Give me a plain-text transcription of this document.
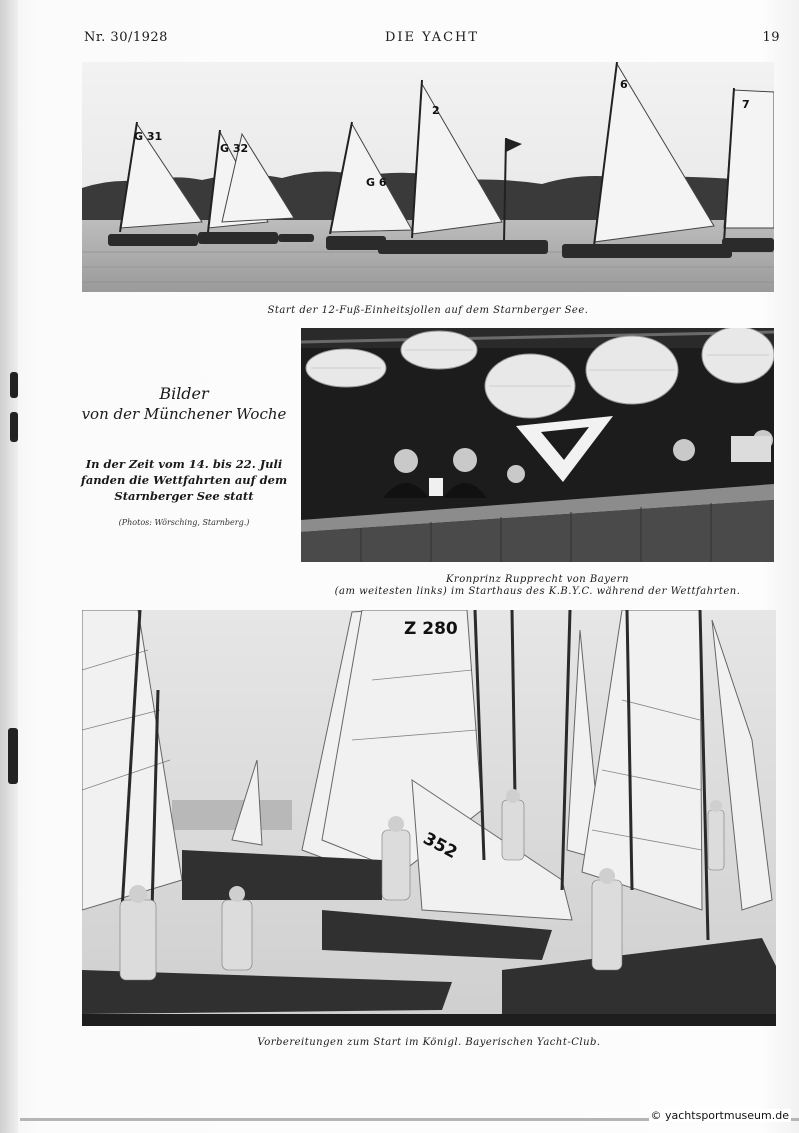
Nr. 30/1928	DIE YACHT	19
G 31
G 32
G 6
2
6
7
Start der 12-Fuß-Einheitsjollen auf dem Starnberger See.
Bilder
von der Münchener Woche
In der Zeit vom 14. bis 22. Juli
fanden die Wettfahrten auf dem
Starnberger See statt
(Photos: Wörsching, Starnberg.)
Kronprinz Rupprecht von Bayern
(am weitesten links) im Starthaus des K.B.Y.C. während der Wettfahrten.
Z 280
352
Vorbereitungen zum Start im Königl. Bayerischen Yacht-Club.
© yachtsportmuseum.de
